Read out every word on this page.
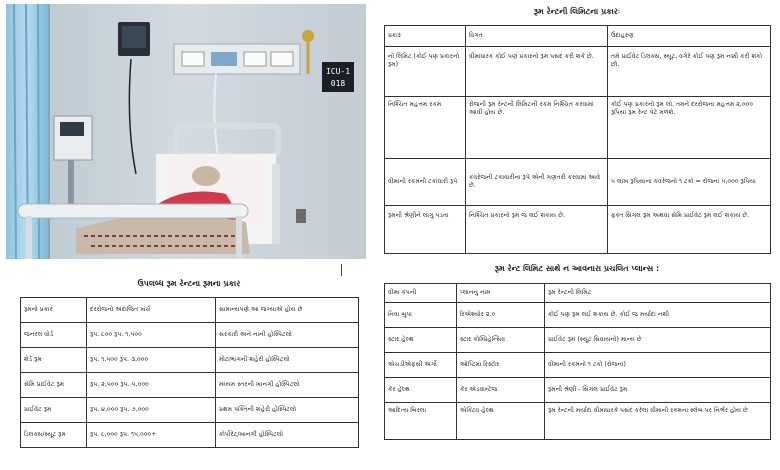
ICU-1
018
રૂમ રેન્ટની લિમિટના પ્રકારઃ
પ્રકાર	વિગત	ઉદાહરણ
નો લિમિટ (કોઈ પણ પ્રકારનો રૂમ)	વીમાધારક કોઈ પણ પ્રકારનો રૂમ પસંદ કરી શકે છે.	તમે પ્રાઈવેટ ડિલક્સ, સ્યૂટ, વગેરે કોઈ પણ રૂમ નક્કી કરી શકો છો.
નિશ્ચિત મહત્તમ રકમ	રોજની રૂમ રેન્ટની લિમિટની રકમ નિશ્ચિત કરવામાં આવી હોય છે.	કોઈ પણ પ્રકારનો રૂમ લો, તમને દરરોજના મહત્તમ ૨,૦૦૦ રૂપિયા રૂમ રેન્ટ પેટે મળશે.
વીમાની રકમની ટકાવારી રૂપે	કવરેજની ટકાવારીના રૂપે એની ગણતરી કરવામાં આવે છે.	૫ લાખ રૂપિયાના કવરેજનો ૧ ટકો = રોજના ૫,૦૦૦ રૂપિયા
રૂમની શ્રેણીને લાગુ પડતા	નિશ્ચિત પ્રકારનો રૂમ જ લઈ શકાય છે.	ફક્ત સિંગલ રૂમ અથવા સેમિ પ્રાઈવેટ રૂમ લઈ શકાય છે.
ઉપલબ્ધ રૂમ રેન્ટના રૂમના પ્રકાર
રૂમનો પ્રકાર	દરરોજનો અંદાજિત ખર્ચ	સામાન્યપણે આ જગ્યાએ હોય છે
જનરલ વોર્ડ	રૂપ. ૮૦૦ રૂપ. ૧,૫૦૦	સરકારી અને નાની હોસ્પિટલો
શેર્ડ રૂમ	રૂપ. ૧,૫૦૦ રૂપ. ૩,૦૦૦	મોટાભાગની શહેરી હોસ્પિટલો
સેમિ પ્રાઈવેટ રૂમ	રૂપ. ૨,૫૦૦ રૂપ. ૫,૦૦૦	મધ્યમ સ્તરની ખાનગી હોસ્પિટલો
પ્રાઈવેટ રૂમ	રૂપ. ૪,૦૦૦ રૂપ. ૭,૦૦૦	પ્રથમ પંક્તિની શહેરી હોસ્પિટલો
ડિલક્સ/સ્યૂટ રૂમ	રૂપ. ૮,૦૦૦ રૂપ. ૧૫,૦૦૦+	કોર્પોરેટ/ખાનગી હોસ્પિટલો
રૂમ રેન્ટ લિમિટ સાથે ન આવનારા પ્રચલિત પ્લાન્સ :
વીમા કંપની	પ્લાનનું નામ	રૂમ રેન્ટની લિમિટ
નિવા બુપા	રિએશ્યોર ૨.૦	કોઈ પણ રૂમ લઈ શકાય છે. કોઈ જ મર્યાદા નથી
સ્ટાર હેલ્થ	સ્ટાર કોમ્પ્રિહેન્સિવ	પ્રાઈવેટ રૂમ (સ્યૂટ સિવાયનો) માન્ય છે
એચડીએફસી અર્ગો	ઓપ્ટિમા રિસ્ટોર	વીમાની રકમનો ૧ ટકો (રોજના)
કેર હેલ્થ	કેર એડવાન્ટેજ	રૂમની શ્રેણી - સિંગલ પ્રાઈવેટ રૂમ
આદિત્ય બિરલા	એક્ટિવ હેલ્થ	રૂમ રેન્ટની મર્યાદા વીમાધારકે પસંદ કરેલા વીમાની રકમના સ્લેબ પર નિર્ભર હોય છે
